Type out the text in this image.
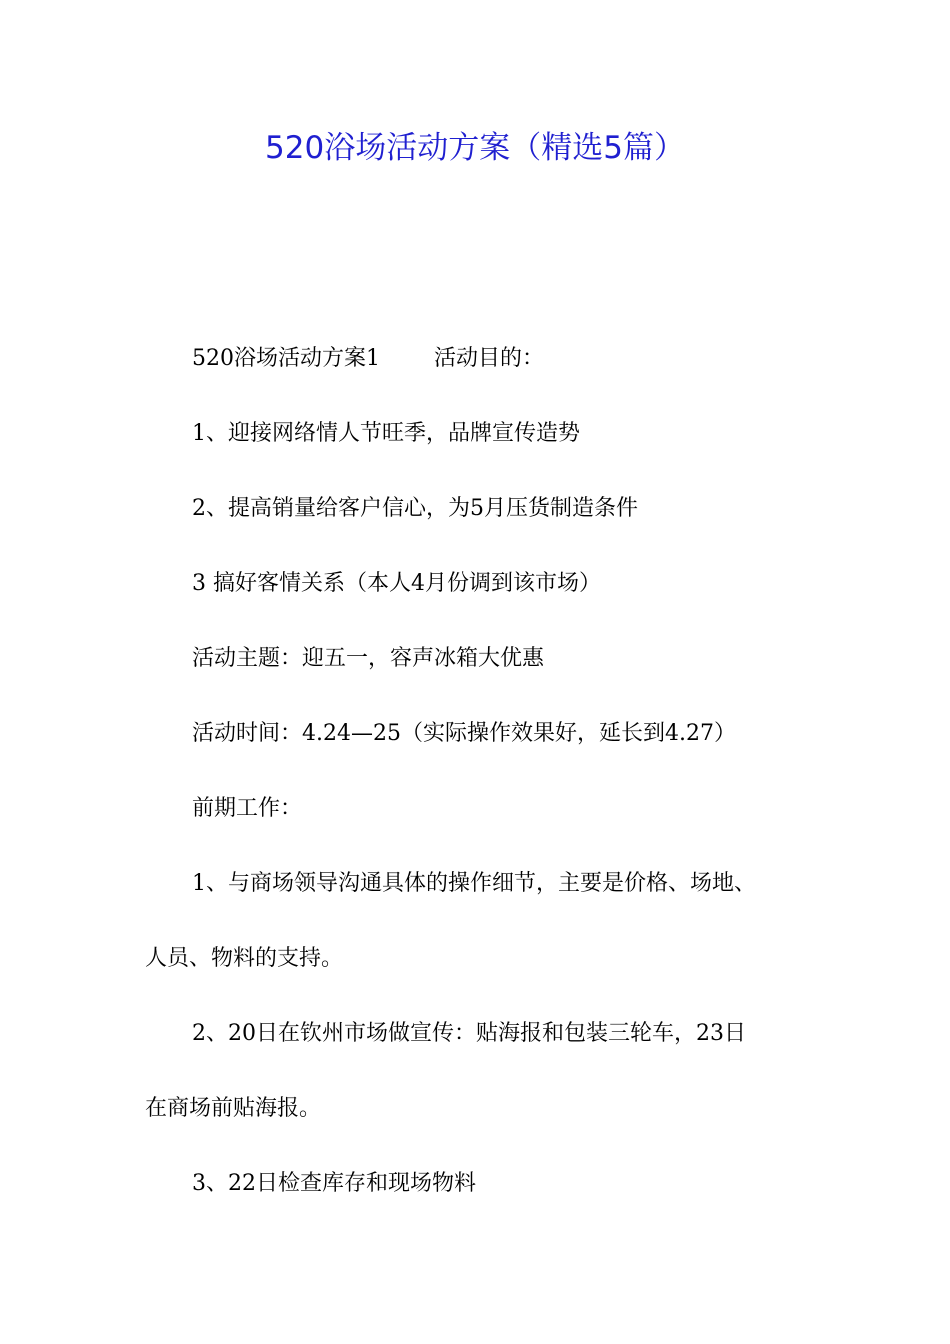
520浴场活动方案（精选5篇）
520浴场活动方案1 活动目的：
1、迎接网络情人节旺季，品牌宣传造势
2、提高销量给客户信心，为5月压货制造条件
3 搞好客情关系（本人4月份调到该市场）
活动主题：迎五一，容声冰箱大优惠
活动时间：4.24—25（实际操作效果好，延长到4.27）
前期工作：
1、与商场领导沟通具体的操作细节，主要是价格、场地、
人员、物料的支持。
2、20日在钦州市场做宣传：贴海报和包装三轮车，23日
在商场前贴海报。
3、22日检查库存和现场物料
